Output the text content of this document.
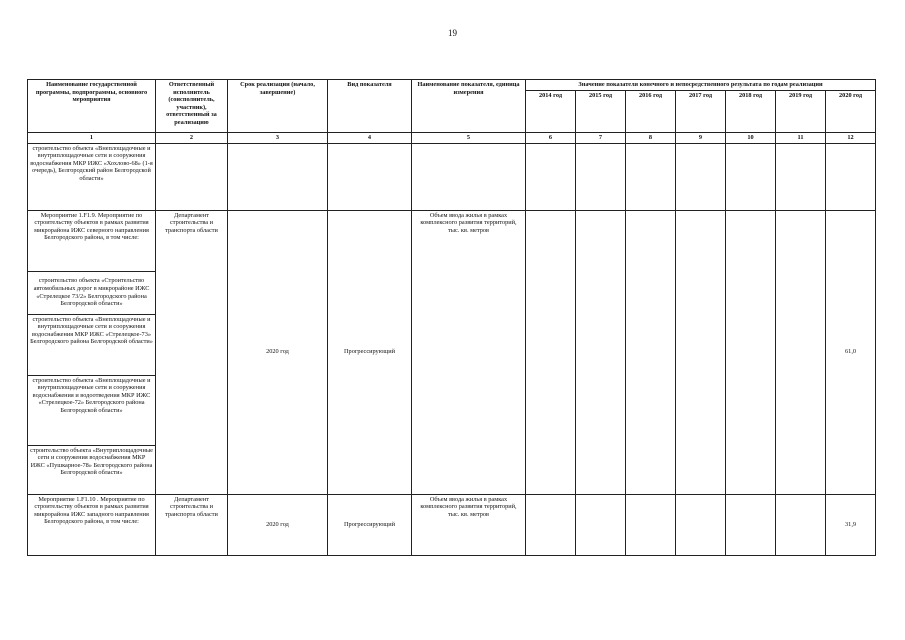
19
Наименование государственной программы, подпрограммы, основного мероприятия	Ответственный исполнитель (соисполнитель, участник), ответственный за реализацию	Срок реализации (начало, завершение)	Вид показателя	Наименование показателя, единица измерения	Значение показателя конечного и непосредственного результата по годам реализации						
					2014 год	2015 год	2016 год	2017 год	2018 год	2019 год	2020 год
1	2	3	4	5	6	7	8	9	10	11	12
строительство объекта «Внеплощадочные и внутриплощадочные сети и сооружения водоснабжения МКР ИЖС «Хохлово-68» (1-я очередь), Белгородский район Белгородской области»											
Мероприятие 1.F1.9. Мероприятие по строительству объектов в рамках развития микрорайона ИЖС северного направления Белгородского района, в том числе:	Департамент строительства и транспорта области	2020 год	Прогрессирующий	Объем ввода жилья в рамках комплексного развития территорий, тыс. кв. метров							61,0
строительство объекта «Строительство автомобильных дорог в микрорайоне ИЖС «Стрелецкое 73/2» Белгородского района Белгородской области»											
строительство объекта «Внеплощадочные и внутриплощадочные сети и сооружения водоснабжения МКР ИЖС «Стрелецкое-73» Белгородского района Белгородской области»											
строительство объекта «Внеплощадочные и внутриплощадочные сети и сооружения водоснабжения и водоотведения МКР ИЖС «Стрелецкое-72» Белгородского района Белгородской области»											
строительство объекта «Внутриплощадочные сети и сооружения водоснабжения МКР ИЖС «Пушкарное-78» Белгородского района Белгородской области»											
Мероприятие 1.F1.10 . Мероприятие по строительству объектов в рамках развития микрорайона ИЖС западного направления Белгородского района, в том числе:	Департамент строительства и транспорта области	2020 год	Прогрессирующий	Объем ввода жилья в рамках комплексного развития территорий, тыс. кв. метров							31,9
